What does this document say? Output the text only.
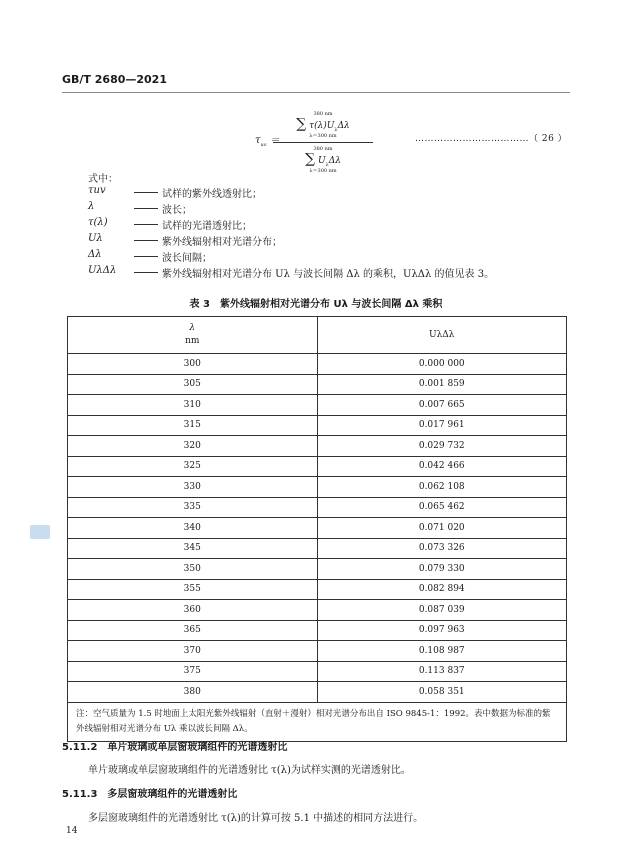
GB/T 2680—2021
$\tau_{uv}$ ＝
380 nm
∑ $\tau(\lambda)U_\lambda\Delta\lambda$
λ＝300 nm
380 nm
∑ $U_\lambda\Delta\lambda$
λ＝300 nm
………………………………（ 26 ）
式中：
τuv	试样的紫外线透射比；
λ	波长；
τ(λ)	试样的光谱透射比；
Uλ	紫外线辐射相对光谱分布；
Δλ	波长间隔；
UλΔλ	紫外线辐射相对光谱分布 Uλ 与波长间隔 Δλ 的乘积，UλΔλ 的值见表 3。
表 3　紫外线辐射相对光谱分布 Uλ 与波长间隔 Δλ 乘积
λ
nm	UλΔλ
300	0.000 000
305	0.001 859
310	0.007 665
315	0.017 961
320	0.029 732
325	0.042 466
330	0.062 108
335	0.065 462
340	0.071 020
345	0.073 326
350	0.079 330
355	0.082 894
360	0.087 039
365	0.097 963
370	0.108 987
375	0.113 837
380	0.058 351
注：空气质量为 1.5 时地面上太阳光紫外线辐射（直射＋漫射）相对光谱分布出自 ISO 9845-1：1992。表中数据为标准的紫外线辐射相对光谱分布 Uλ 乘以波长间隔 Δλ。	
5.11.2　单片玻璃或单层窗玻璃组件的光谱透射比
单片玻璃或单层窗玻璃组件的光谱透射比 τ(λ)为试样实测的光谱透射比。
5.11.3　多层窗玻璃组件的光谱透射比
多层窗玻璃组件的光谱透射比 τ(λ)的计算可按 5.1 中描述的相同方法进行。
14
